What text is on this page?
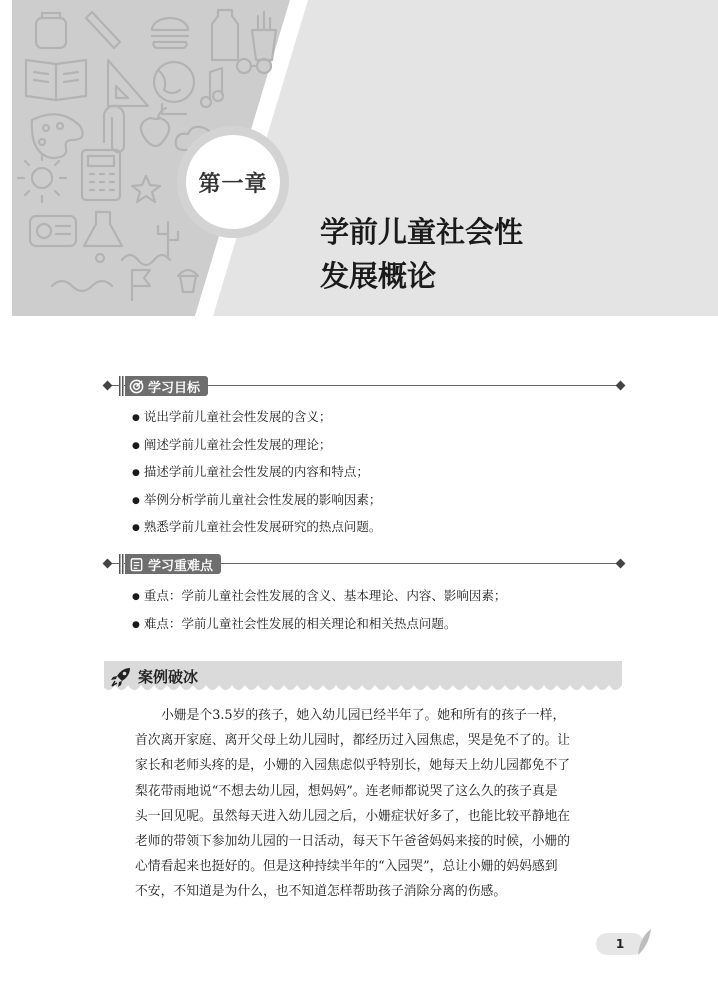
第一章
学前儿童社会性
发展概论
学习目标
● 说出学前儿童社会性发展的含义；
● 阐述学前儿童社会性发展的理论；
● 描述学前儿童社会性发展的内容和特点；
● 举例分析学前儿童社会性发展的影响因素；
● 熟悉学前儿童社会性发展研究的热点问题。
学习重难点
● 重点：学前儿童社会性发展的含义、基本理论、内容、影响因素；
● 难点：学前儿童社会性发展的相关理论和相关热点问题。
案例破冰

小姗是个3.5岁的孩子，她入幼儿园已经半年了。她和所有的孩子一样，

首次离开家庭、离开父母上幼儿园时，都经历过入园焦虑，哭是免不了的。让

家长和老师头疼的是，小姗的入园焦虑似乎特别长，她每天上幼儿园都免不了

梨花带雨地说“不想去幼儿园，想妈妈”。连老师都说哭了这么久的孩子真是

头一回见呢。虽然每天进入幼儿园之后，小姗症状好多了，也能比较平静地在

老师的带领下参加幼儿园的一日活动，每天下午爸爸妈妈来接的时候，小姗的

心情看起来也挺好的。但是这种持续半年的“入园哭”，总让小姗的妈妈感到

不安，不知道是为什么，也不知道怎样帮助孩子消除分离的伤感。

1
